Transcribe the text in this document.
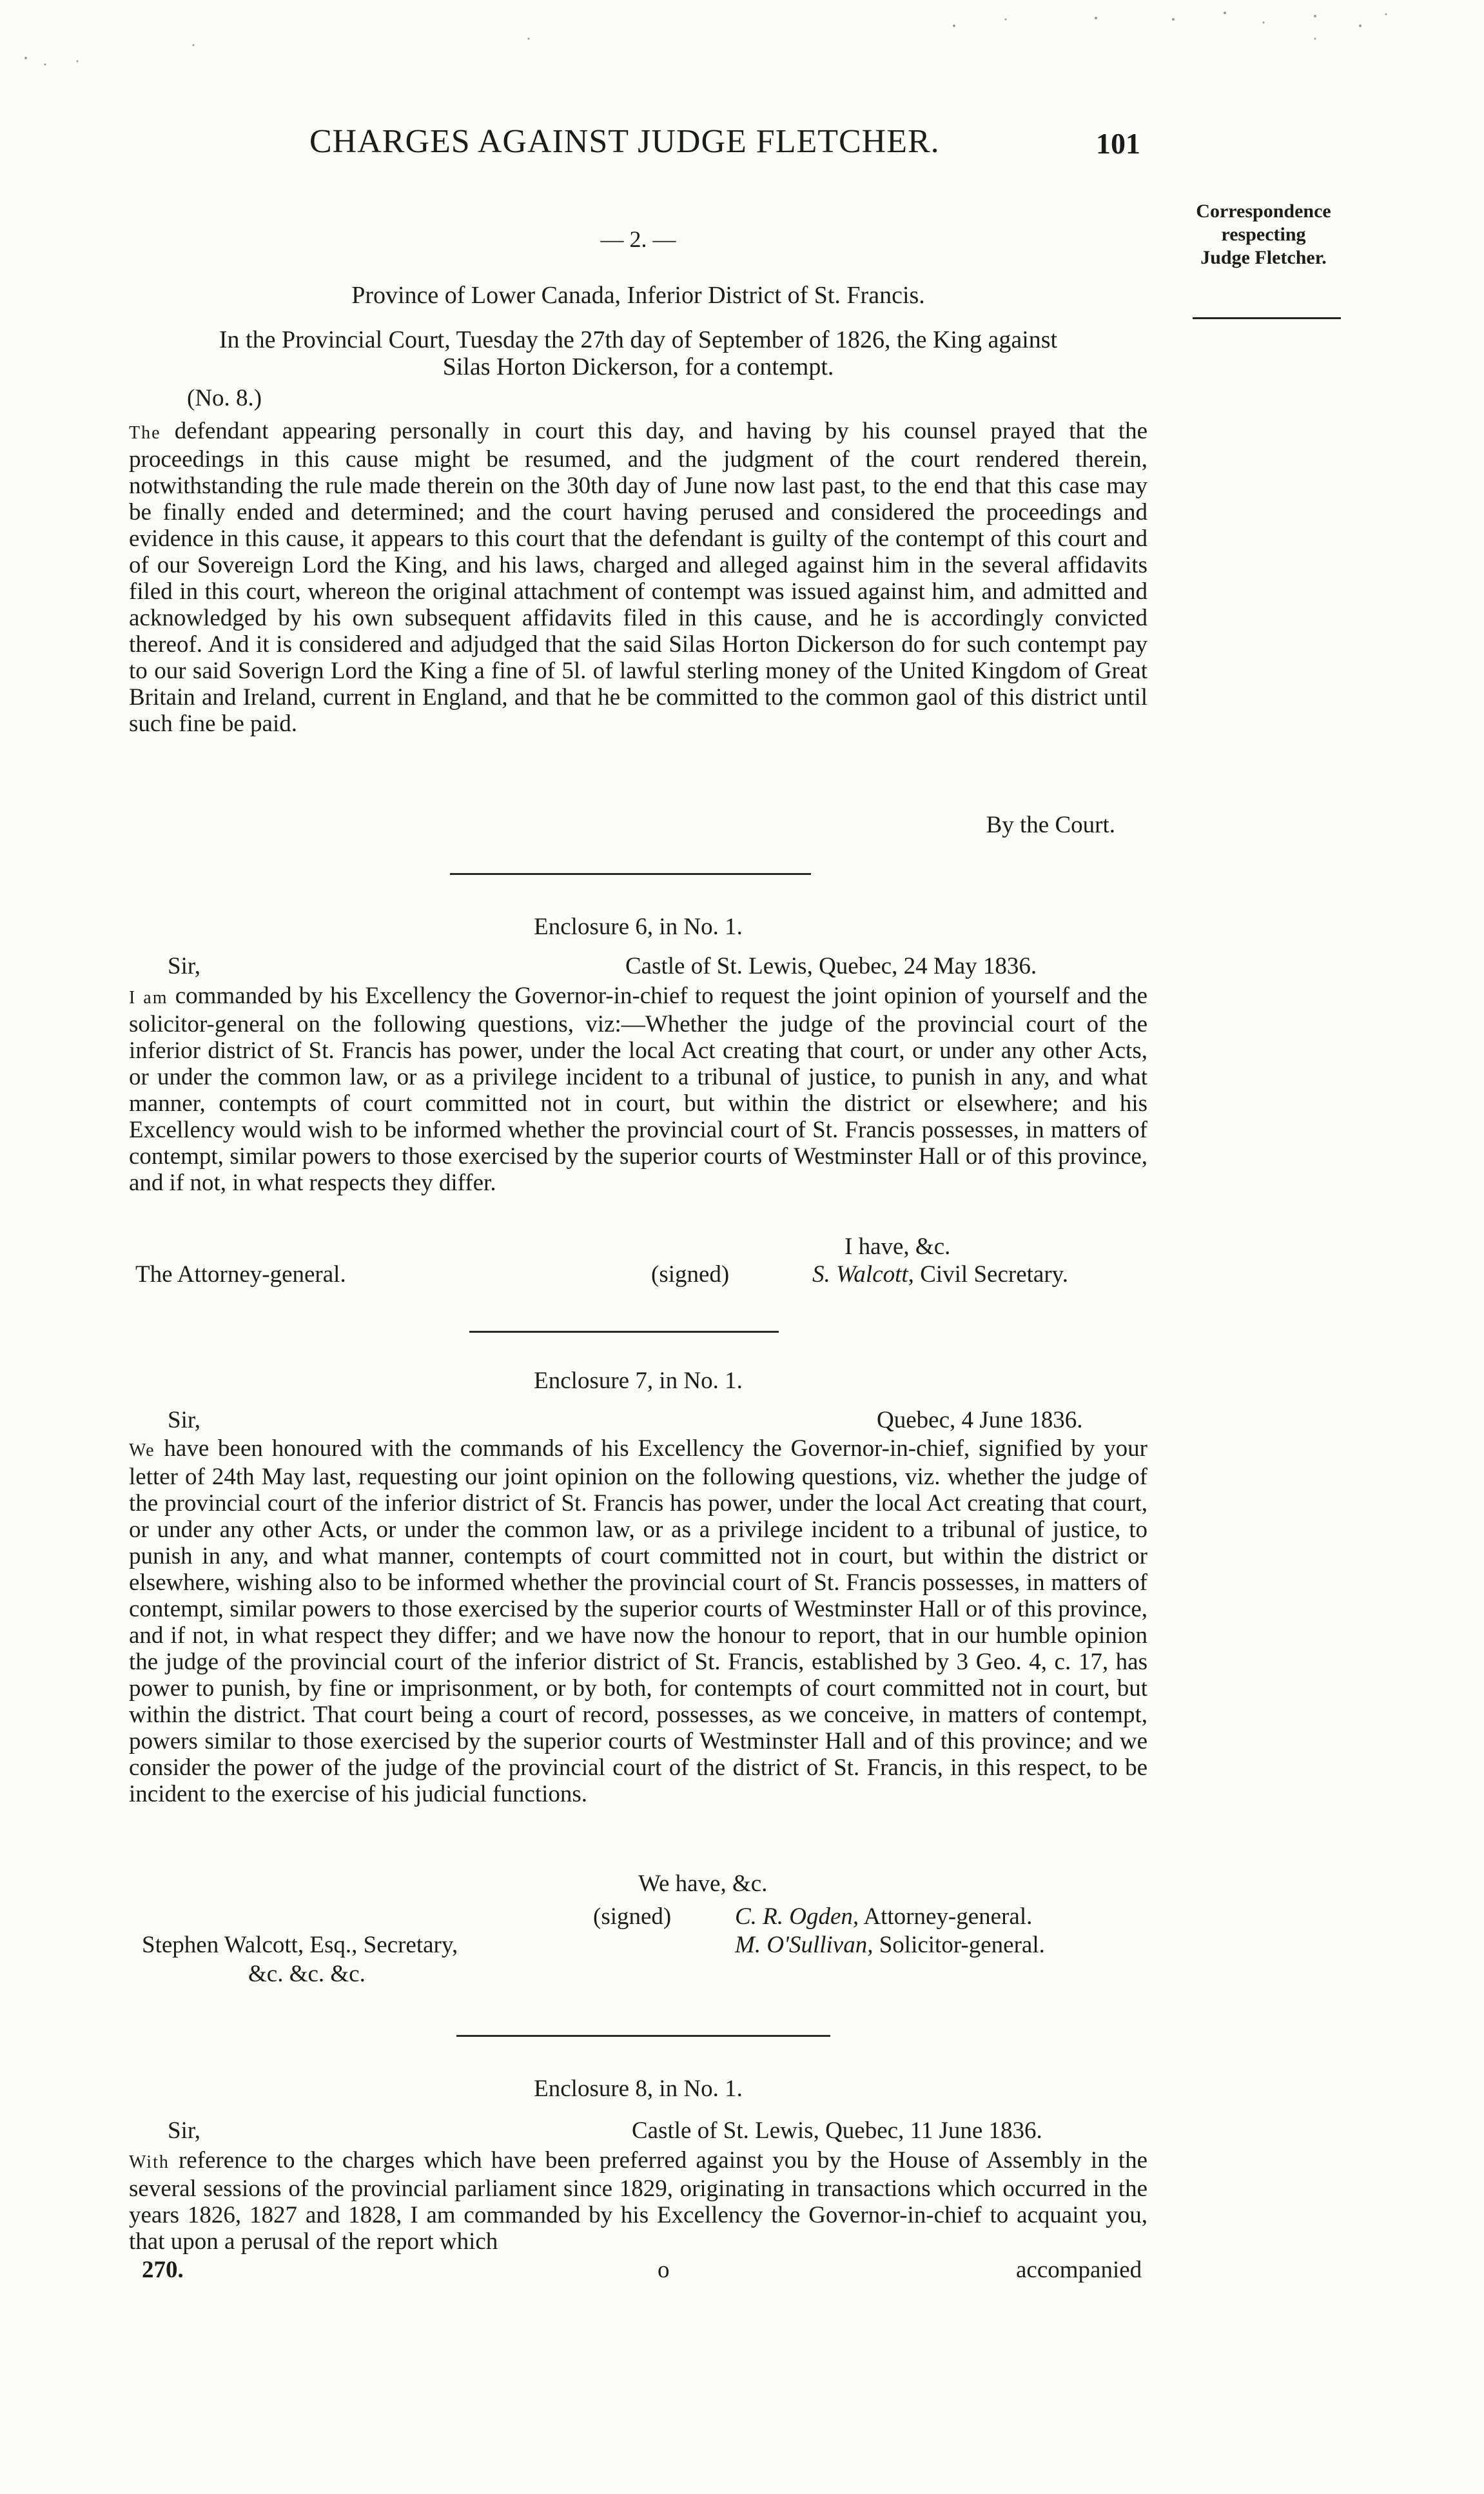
CHARGES AGAINST JUDGE FLETCHER.	101
Correspondence
respecting
Judge Fletcher.
— 2. —
Province of Lower Canada, Inferior District of St. Francis.
In the Provincial Court, Tuesday the 27th day of September of 1826, the King against
Silas Horton Dickerson, for a contempt.
(No. 8.)
The defendant appearing personally in court this day, and having by his counsel prayed that the proceedings in this cause might be resumed, and the judgment of the court rendered therein, notwithstanding the rule made therein on the 30th day of June now last past, to the end that this case may be finally ended and determined; and the court having perused and considered the proceedings and evidence in this cause, it appears to this court that the defendant is guilty of the contempt of this court and of our Sovereign Lord the King, and his laws, charged and alleged against him in the several affidavits filed in this court, whereon the original attachment of contempt was issued against him, and admitted and acknowledged by his own subsequent affidavits filed in this cause, and he is accordingly convicted thereof. And it is considered and adjudged that the said Silas Horton Dickerson do for such contempt pay to our said Soverign Lord the King a fine of 5l. of lawful sterling money of the United Kingdom of Great Britain and Ireland, current in England, and that he be committed to the common gaol of this district until such fine be paid.
By the Court.
Enclosure 6, in No. 1.
Sir,	Castle of St. Lewis, Quebec, 24 May 1836.
I am commanded by his Excellency the Governor-in-chief to request the joint opinion of yourself and the solicitor-general on the following questions, viz:—Whether the judge of the provincial court of the inferior district of St. Francis has power, under the local Act creating that court, or under any other Acts, or under the common law, or as a privilege incident to a tribunal of justice, to punish in any, and what manner, contempts of court committed not in court, but within the district or elsewhere; and his Excellency would wish to be informed whether the provincial court of St. Francis possesses, in matters of contempt, similar powers to those exercised by the superior courts of Westminster Hall or of this province, and if not, in what respects they differ.
I have, &c.
The Attorney-general.	(signed)	S. Walcott, Civil Secretary.
Enclosure 7, in No. 1.
Sir,	Quebec, 4 June 1836.
We have been honoured with the commands of his Excellency the Governor-in-chief, signified by your letter of 24th May last, requesting our joint opinion on the following questions, viz. whether the judge of the provincial court of the inferior district of St. Francis has power, under the local Act creating that court, or under any other Acts, or under the common law, or as a privilege incident to a tribunal of justice, to punish in any, and what manner, contempts of court committed not in court, but within the district or elsewhere, wishing also to be informed whether the provincial court of St. Francis possesses, in matters of contempt, similar powers to those exercised by the superior courts of Westminster Hall or of this province, and if not, in what respect they differ; and we have now the honour to report, that in our humble opinion the judge of the provincial court of the inferior district of St. Francis, established by 3 Geo. 4, c. 17, has power to punish, by fine or imprisonment, or by both, for contempts of court committed not in court, but within the district. That court being a court of record, possesses, as we conceive, in matters of contempt, powers similar to those exercised by the superior courts of Westminster Hall and of this province; and we consider the power of the judge of the provincial court of the district of St. Francis, in this respect, to be incident to the exercise of his judicial functions.
We have, &c.
(signed)	C. R. Ogden, Attorney-general.
M. O'Sullivan, Solicitor-general.
Stephen Walcott, Esq., Secretary,
&c. &c. &c.
Enclosure 8, in No. 1.
Sir,	Castle of St. Lewis, Quebec, 11 June 1836.
With reference to the charges which have been preferred against you by the House of Assembly in the several sessions of the provincial parliament since 1829, originating in transactions which occurred in the years 1826, 1827 and 1828, I am commanded by his Excellency the Governor-in-chief to acquaint you, that upon a perusal of the report which
270.	o	accompanied
